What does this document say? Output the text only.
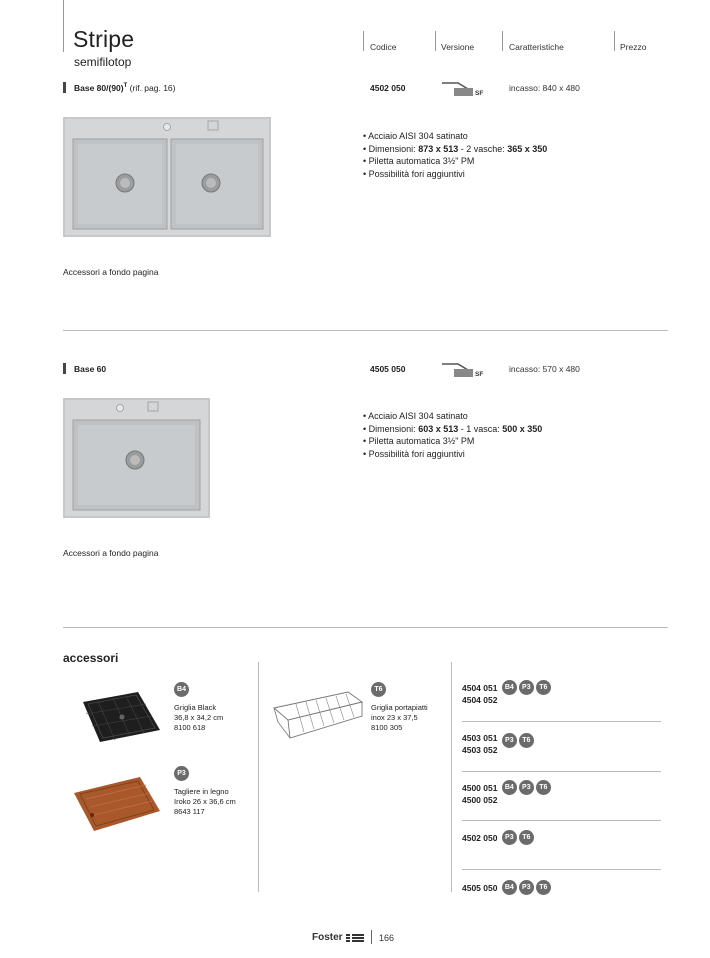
Stripe
semifilotop
Codice	Versione	Caratteristiche	Prezzo
Base $80/(90)^T$ (rif. pag. 16)	4502 050
SF
incasso: 840 x 480
• Acciaio AISI 304 satinato
• Dimensioni: 873 x 513 - 2 vasche: 365 x 350
• Piletta automatica 3½" PM
• Possibilità fori aggiuntivi
Accessori a fondo pagina
Base 60	4505 050
SF
incasso: 570 x 480
• Acciaio AISI 304 satinato
• Dimensioni: 603 x 513 - 1 vasca: 500 x 350
• Piletta automatica 3½" PM
• Possibilità fori aggiuntivi
Accessori a fondo pagina
accessori
B4
Griglia Black
36,8 x 34,2 cm
8100 618
P3
Tagliere in legno
Iroko 26 x 36,6 cm
8643 117
T6
Griglia portapiatti
inox 23 x 37,5
8100 305
4504 051
4504 052
B4 P3 T6
4503 051
4503 052
P3 T6
4500 051
4500 052
B4 P3 T6
4502 050 P3 T6
4505 050 B4 P3 T6
Foster	166
